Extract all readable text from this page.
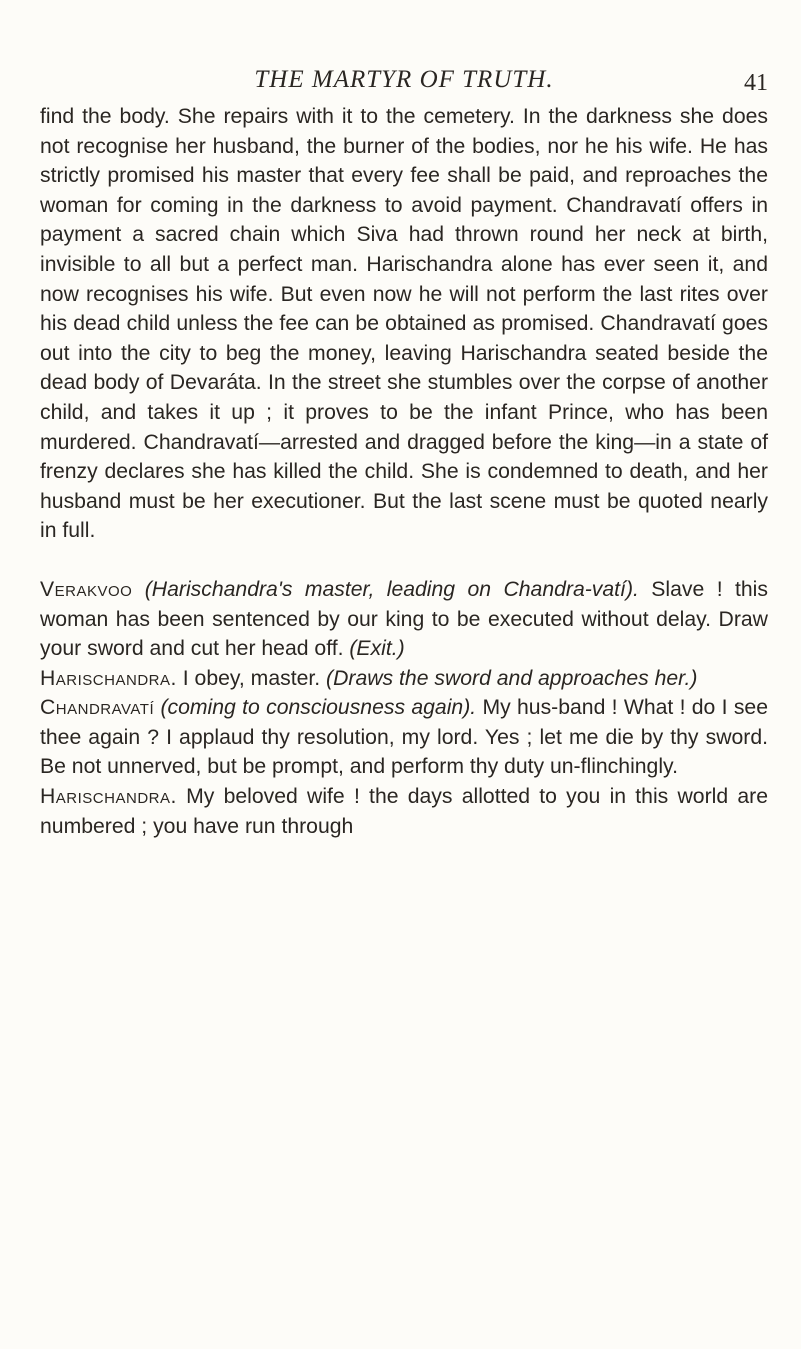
THE MARTYR OF TRUTH.	41

find the body. She repairs with it to the cemetery. In the darkness she does not recognise her husband, the burner of the bodies, nor he his wife. He has strictly promised his master that every fee shall be paid, and reproaches the woman for coming in the darkness to avoid payment. Chandravatí offers in payment a sacred chain which Siva had thrown round her neck at birth, invisible to all but a perfect man. Harischandra alone has ever seen it, and now recognises his wife. But even now he will not perform the last rites over his dead child unless the fee can be obtained as promised. Chandravatí goes out into the city to beg the money, leaving Harischandra seated beside the dead body of Devaráta. In the street she stumbles over the corpse of another child, and takes it up ; it proves to be the infant Prince, who has been murdered. Chandravatí—arrested and dragged before the king—in a state of frenzy declares she has killed the child. She is condemned to death, and her husband must be her executioner. But the last scene must be quoted nearly in full.

Verakvoo (Harischandra's master, leading on Chandra-vatí). Slave ! this woman has been sentenced by our king to be executed without delay. Draw your sword and cut her head off. (Exit.)

Harischandra. I obey, master. (Draws the sword and approaches her.)

Chandravatí (coming to consciousness again). My hus-band ! What ! do I see thee again ? I applaud thy resolution, my lord. Yes ; let me die by thy sword. Be not unnerved, but be prompt, and perform thy duty un-flinchingly.

Harischandra. My beloved wife ! the days allotted to you in this world are numbered ; you have run through
